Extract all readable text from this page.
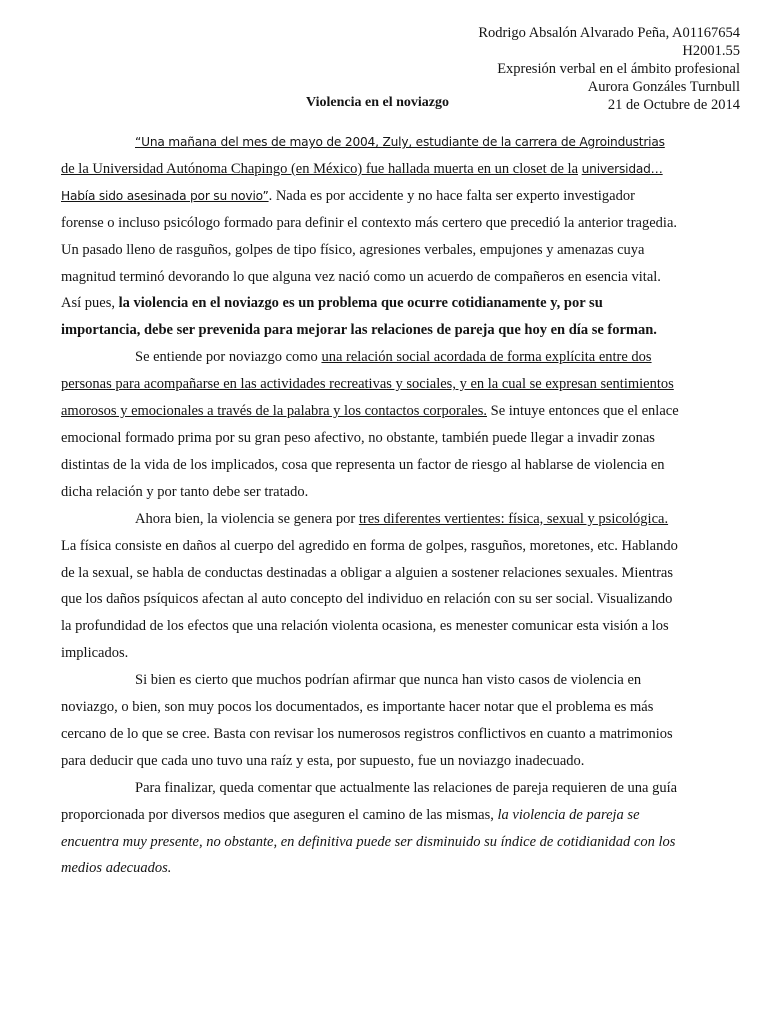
Rodrigo Absalón Alvarado Peña, A01167654
H2001.55
Expresión verbal en el ámbito profesional
Aurora Gonzáles Turnbull
21 de Octubre de 2014
Violencia en el noviazgo

“Una mañana del mes de mayo de 2004, Zuly, estudiante de la carrera de Agroindustrias de la Universidad Autónoma Chapingo (en México) fue hallada muerta en un closet de la universidad… Había sido asesinada por su novio”. Nada es por accidente y no hace falta ser experto investigador forense o incluso psicólogo formado para definir el contexto más certero que precedió la anterior tragedia. Un pasado lleno de rasguños, golpes de tipo físico, agresiones verbales, empujones y amenazas cuya magnitud terminó devorando lo que alguna vez nació como un acuerdo de compañeros en esencia vital. Así pues, la violencia en el noviazgo es un problema que ocurre cotidianamente y, por su importancia, debe ser prevenida para mejorar las relaciones de pareja que hoy en día se forman.

Se entiende por noviazgo como una relación social acordada de forma explícita entre dos personas para acompañarse en las actividades recreativas y sociales, y en la cual se expresan sentimientos amorosos y emocionales a través de la palabra y los contactos corporales. Se intuye entonces que el enlace emocional formado prima por su gran peso afectivo, no obstante, también puede llegar a invadir zonas distintas de la vida de los implicados, cosa que representa un factor de riesgo al hablarse de violencia en dicha relación y por tanto debe ser tratado.

Ahora bien, la violencia se genera por tres diferentes vertientes: física, sexual y psicológica. La física consiste en daños al cuerpo del agredido en forma de golpes, rasguños, moretones, etc. Hablando de la sexual, se habla de conductas destinadas a obligar a alguien a sostener relaciones sexuales. Mientras que los daños psíquicos afectan al auto concepto del individuo en relación con su ser social. Visualizando la profundidad de los efectos que una relación violenta ocasiona, es menester comunicar esta visión a los implicados.

Si bien es cierto que muchos podrían afirmar que nunca han visto casos de violencia en noviazgo, o bien, son muy pocos los documentados, es importante hacer notar que el problema es más cercano de lo que se cree. Basta con revisar los numerosos registros conflictivos en cuanto a matrimonios para deducir que cada uno tuvo una raíz y esta, por supuesto, fue un noviazgo inadecuado.

Para finalizar, queda comentar que actualmente las relaciones de pareja requieren de una guía proporcionada por diversos medios que aseguren el camino de las mismas, la violencia de pareja se encuentra muy presente, no obstante, en definitiva puede ser disminuido su índice de cotidianidad con los medios adecuados.
